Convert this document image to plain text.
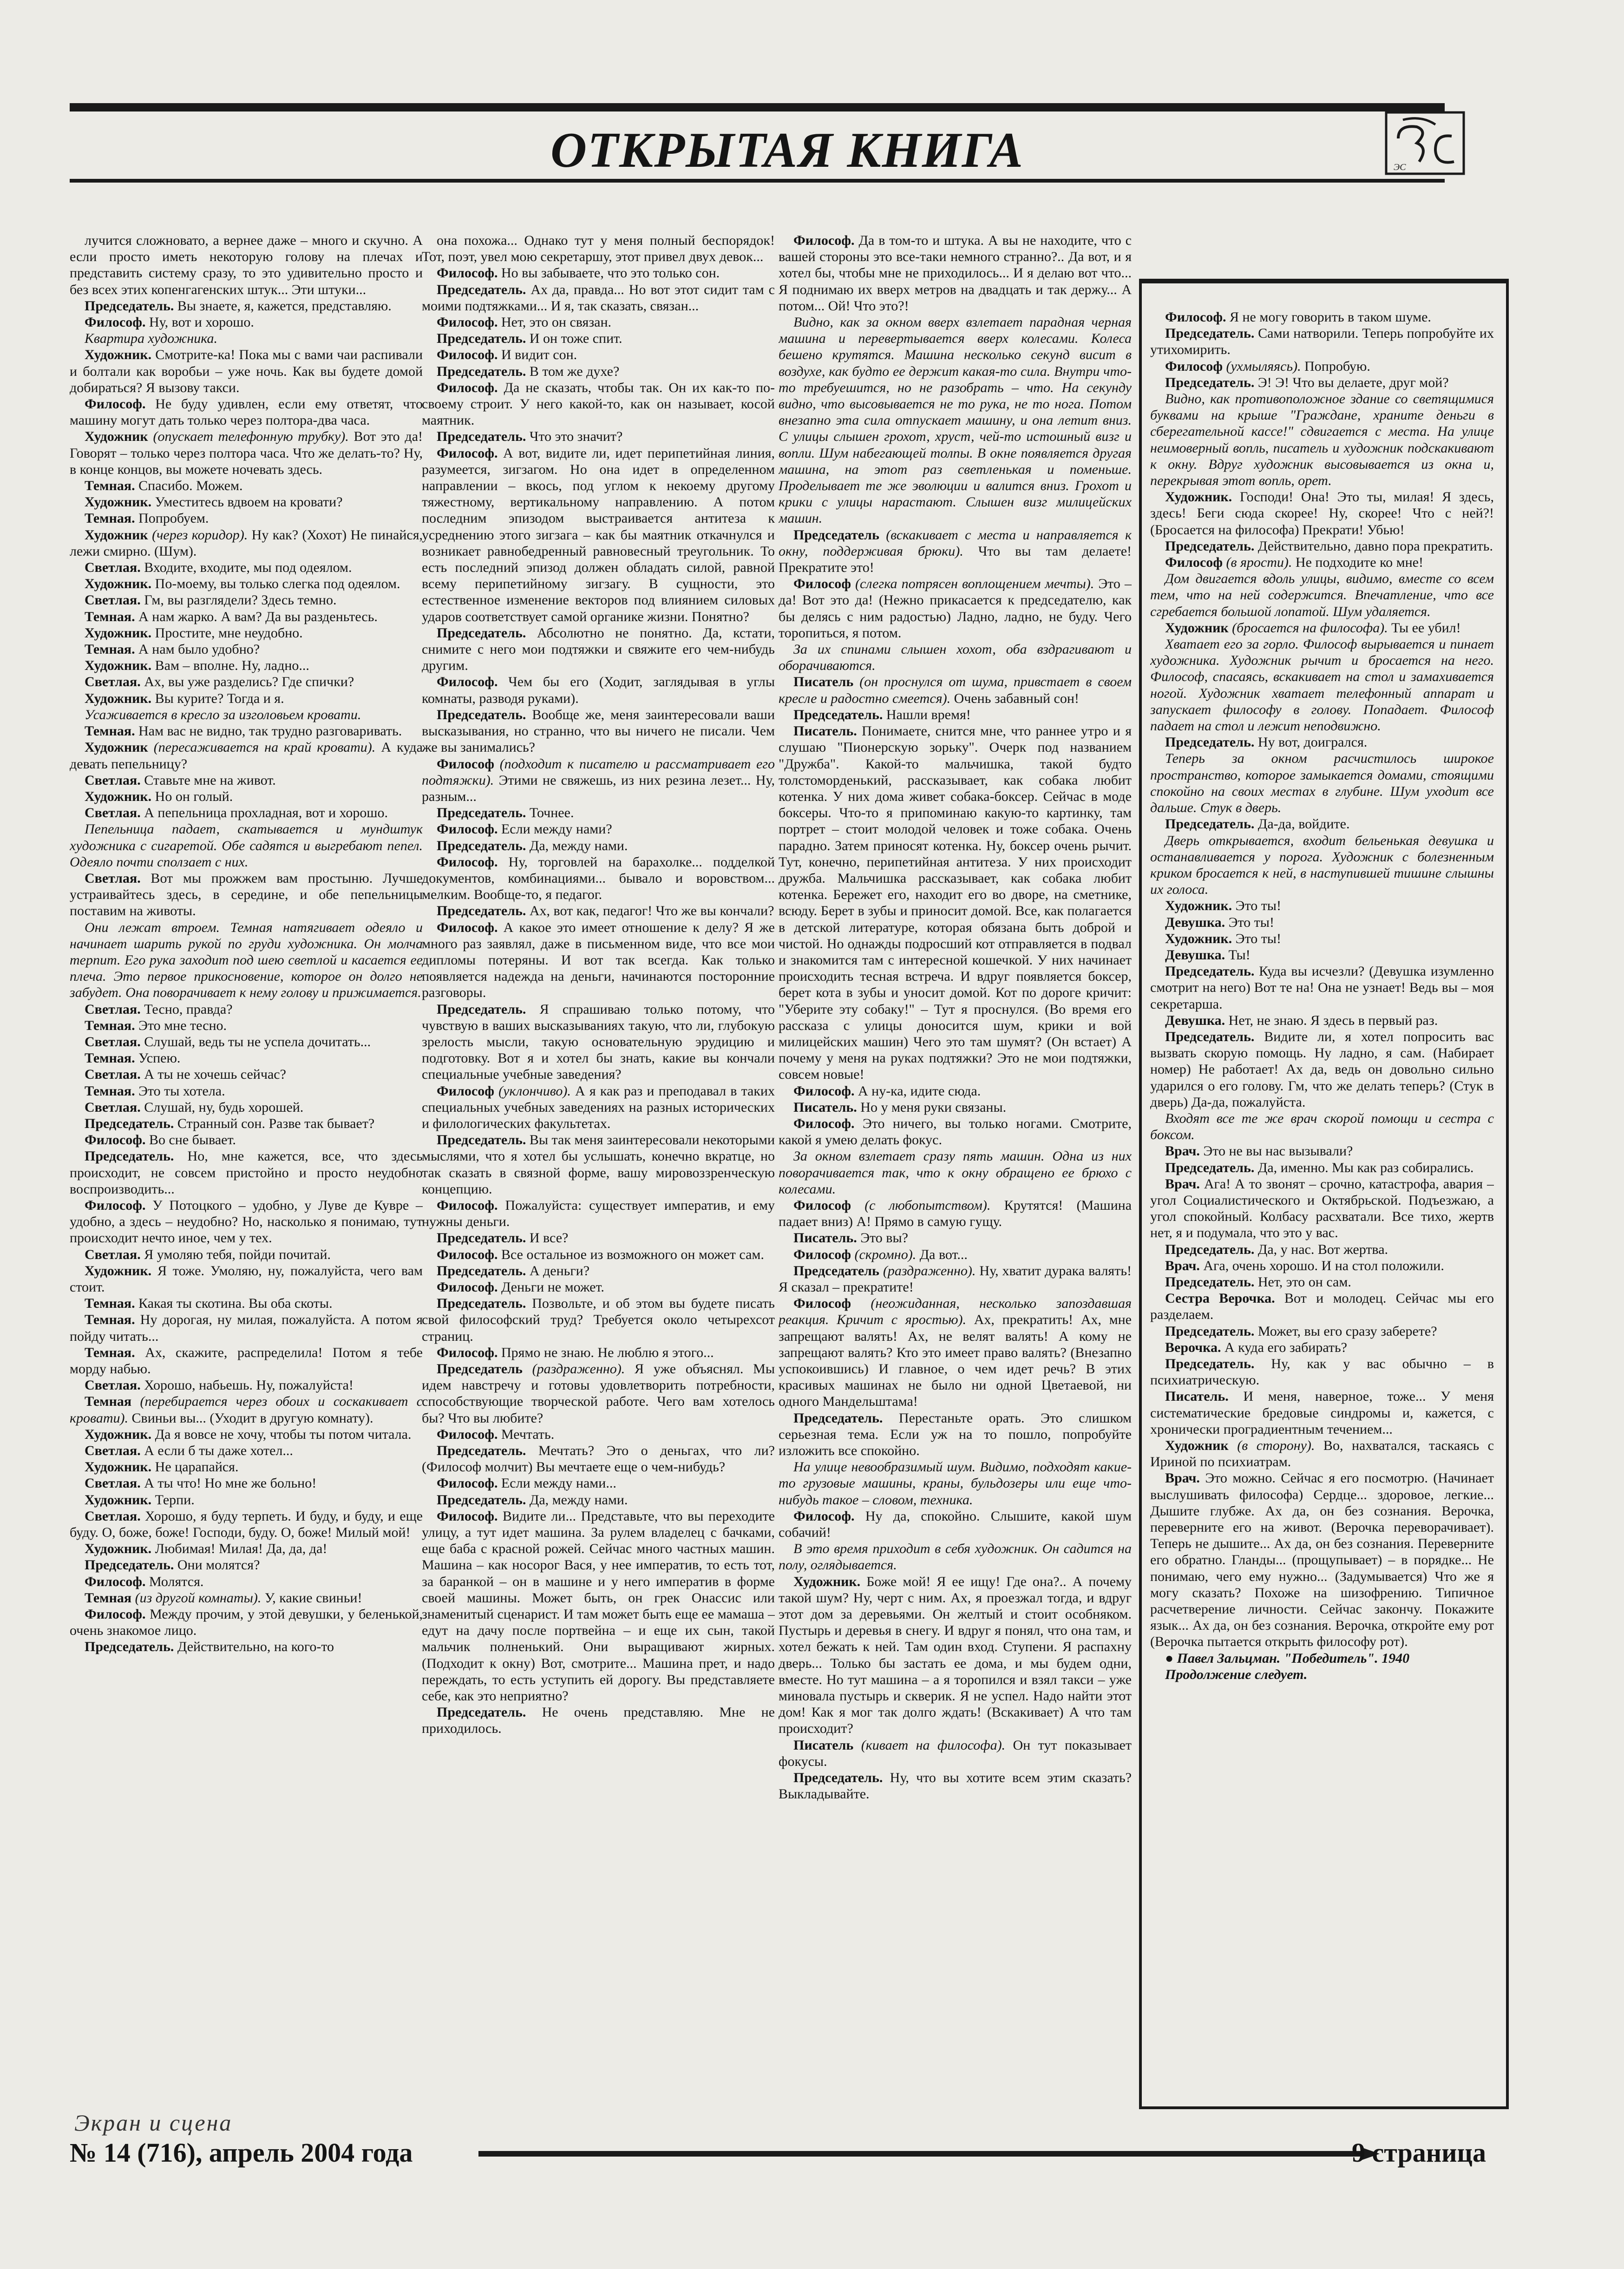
ОТКРЫТАЯ КНИГА	ЭС

лучится сложновато, а вернее даже – много и скучно. А если просто иметь некоторую голову на плечах и представить систему сразу, то это удивительно просто и без всех этих копенгагенских штук... Эти штуки...

Председатель. Вы знаете, я, кажется, представляю.

Философ. Ну, вот и хорошо.

Квартира художника.

Художник. Смотрите-ка! Пока мы с вами чаи распивали и болтали как воробьи – уже ночь. Как вы будете домой добираться? Я вызову такси.

Философ. Не буду удивлен, если ему ответят, что машину могут дать только через полтора-два часа.

Художник (опускает телефонную трубку). Вот это да! Говорят – только через полтора часа. Что же делать-то? Ну, в конце концов, вы можете ночевать здесь.

Темная. Спасибо. Можем.

Художник. Уместитесь вдвоем на кровати?

Темная. Попробуем.

Художник (через коридор). Ну как? (Хохот) Не пинайся, лежи смирно. (Шум).

Светлая. Входите, входите, мы под одеялом.

Художник. По-моему, вы только слегка под одеялом.

Светлая. Гм, вы разглядели? Здесь темно.

Темная. А нам жарко. А вам? Да вы разденьтесь.

Художник. Простите, мне неудобно.

Темная. А нам было удобно?

Художник. Вам – вполне. Ну, ладно...

Светлая. Ах, вы уже разделись? Где спички?

Художник. Вы курите? Тогда и я.

Усаживается в кресло за изголовьем кровати.

Темная. Нам вас не видно, так трудно разговаривать.

Художник (пересаживается на край кровати). А куда девать пепельницу?

Светлая. Ставьте мне на живот.

Художник. Но он голый.

Светлая. А пепельница прохладная, вот и хорошо.

Пепельница падает, скатывается и мундштук художника с сигаретой. Обе садятся и выгребают пепел. Одеяло почти сползает с них.

Светлая. Вот мы прожжем вам простыню. Лучше устраивайтесь здесь, в середине, и обе пепельницы поставим на животы.

Они лежат втроем. Темная натягивает одеяло и начинает шарить рукой по груди художника. Он молча терпит. Его рука заходит под шею светлой и касается ее плеча. Это первое прикосновение, которое он долго не забудет. Она поворачивает к нему голову и прижимается.

Светлая. Тесно, правда?

Темная. Это мне тесно.

Светлая. Слушай, ведь ты не успела дочитать...

Темная. Успею.

Светлая. А ты не хочешь сейчас?

Темная. Это ты хотела.

Светлая. Слушай, ну, будь хорошей.

Председатель. Странный сон. Разве так бывает?

Философ. Во сне бывает.

Председатель. Но, мне кажется, все, что здесь происходит, не совсем пристойно и просто неудобно воспроизводить...

Философ. У Потоцкого – удобно, у Луве де Кувре – удобно, а здесь – неудобно? Но, насколько я понимаю, тут происходит нечто иное, чем у тех.

Светлая. Я умоляю тебя, пойди почитай.

Художник. Я тоже. Умоляю, ну, пожалуйста, чего вам стоит.

Темная. Какая ты скотина. Вы оба скоты.

Темная. Ну дорогая, ну милая, пожалуйста. А потом я пойду читать...

Темная. Ах, скажите, распределила! Потом я тебе морду набью.

Светлая. Хорошо, набьешь. Ну, пожалуйста!

Темная (перебирается через обоих и соскакивает с кровати). Свиньи вы... (Уходит в другую комнату).

Художник. Да я вовсе не хочу, чтобы ты потом читала.

Светлая. А если б ты даже хотел...

Художник. Не царапайся.

Светлая. А ты что! Но мне же больно!

Художник. Терпи.

Светлая. Хорошо, я буду терпеть. И буду, и буду, и еще буду. О, боже, боже! Господи, буду. О, боже! Милый мой!

Художник. Любимая! Милая! Да, да, да!

Председатель. Они молятся?

Философ. Молятся.

Темная (из другой комнаты). У, какие свиньи!

Философ. Между прочим, у этой девушки, у беленькой, очень знакомое лицо.

Председатель. Действительно, на кого-то

она похожа... Однако тут у меня полный беспорядок! Тот, поэт, увел мою секретаршу, этот привел двух девок...

Философ. Но вы забываете, что это только сон.

Председатель. Ах да, правда... Но вот этот сидит там с моими подтяжками... И я, так сказать, связан...

Философ. Нет, это он связан.

Председатель. И он тоже спит.

Философ. И видит сон.

Председатель. В том же духе?

Философ. Да не сказать, чтобы так. Он их как-то по-своему строит. У него какой-то, как он называет, косой маятник.

Председатель. Что это значит?

Философ. А вот, видите ли, идет перипетийная линия, разумеется, зигзагом. Но она идет в определенном направлении – вкось, под углом к некоему другому тяжестному, вертикальному направлению. А потом последним эпизодом выстраивается антитеза к усреднению этого зигзага – как бы маятник откачнулся и возникает равнобедренный равновесный треугольник. То есть последний эпизод должен обладать силой, равной всему перипетийному зигзагу. В сущности, это естественное изменение векторов под влиянием силовых ударов соответствует самой органике жизни. Понятно?

Председатель. Абсолютно не понятно. Да, кстати, снимите с него мои подтяжки и свяжите его чем-нибудь другим.

Философ. Чем бы его (Ходит, заглядывая в углы комнаты, разводя руками).

Председатель. Вообще же, меня заинтересовали ваши высказывания, но странно, что вы ничего не писали. Чем же вы занимались?

Философ (подходит к писателю и рассматривает его подтяжки). Этими не свяжешь, из них резина лезет... Ну, разным...

Председатель. Точнее.

Философ. Если между нами?

Председатель. Да, между нами.

Философ. Ну, торговлей на барахолке... подделкой документов, комбинациями... бывало и воровством... мелким. Вообще-то, я педагог.

Председатель. Ах, вот как, педагог! Что же вы кончали?

Философ. А какое это имеет отношение к делу? Я же много раз заявлял, даже в письменном виде, что все мои дипломы потеряны. И вот так всегда. Как только появляется надежда на деньги, начинаются посторонние разговоры.

Председатель. Я спрашиваю только потому, что чувствую в ваших высказываниях такую, что ли, глубокую зрелость мысли, такую основательную эрудицию и подготовку. Вот я и хотел бы знать, какие вы кончали специальные учебные заведения?

Философ (уклончиво). А я как раз и преподавал в таких специальных учебных заведениях на разных исторических и филологических факультетах.

Председатель. Вы так меня заинтересовали некоторыми мыслями, что я хотел бы услышать, конечно вкратце, но так сказать в связной форме, вашу мировоззренческую концепцию.

Философ. Пожалуйста: существует императив, и ему нужны деньги.

Председатель. И все?

Философ. Все остальное из возможного он может сам.

Председатель. А деньги?

Философ. Деньги не может.

Председатель. Позвольте, и об этом вы будете писать свой философский труд? Требуется около четырехсот страниц.

Философ. Прямо не знаю. Не люблю я этого...

Председатель (раздраженно). Я уже объяснял. Мы идем навстречу и готовы удовлетворить потребности, способствующие творческой работе. Чего вам хотелось бы? Что вы любите?

Философ. Мечтать.

Председатель. Мечтать? Это о деньгах, что ли? (Философ молчит) Вы мечтаете еще о чем-нибудь?

Философ. Если между нами...

Председатель. Да, между нами.

Философ. Видите ли... Представьте, что вы переходите улицу, а тут идет машина. За рулем владелец с бачками, еще баба с красной рожей. Сейчас много частных машин. Машина – как носорог Вася, у нее императив, то есть тот, за баранкой – он в машине и у него императив в форме своей машины. Может быть, он грек Онассис или знаменитый сценарист. И там может быть еще ее мамаша – едут на дачу после портвейна – и еще их сын, такой мальчик полненький. Они выращивают жирных. (Подходит к окну) Вот, смотрите... Машина прет, и надо переждать, то есть уступить ей дорогу. Вы представляете себе, как это неприятно?

Председатель. Не очень представляю. Мне не приходилось.

Философ. Да в том-то и штука. А вы не находите, что с вашей стороны это все-таки немного странно?.. Да вот, и я хотел бы, чтобы мне не приходилось... И я делаю вот что... Я поднимаю их вверх метров на двадцать и так держу... А потом... Ой! Что это?!

Видно, как за окном вверх взлетает парадная черная машина и перевертывается вверх колесами. Колеса бешено крутятся. Машина несколько секунд висит в воздухе, как будто ее держит какая-то сила. Внутри что-то требуешится, но не разобрать – что. На секунду видно, что высовывается не то рука, не то нога. Потом внезапно эта сила отпускает машину, и она летит вниз. С улицы слышен грохот, хруст, чей-то истошный визг и вопли. Шум набегающей толпы. В окне появляется другая машина, на этот раз светленькая и поменьше. Проделывает те же эволюции и валится вниз. Грохот и крики с улицы нарастают. Слышен визг милицейских машин.

Председатель (вскакивает с места и направляется к окну, поддерживая брюки). Что вы там делаете! Прекратите это!

Философ (слегка потрясен воплощением мечты). Это – да! Вот это да! (Нежно прикасается к председателю, как бы делясь с ним радостью) Ладно, ладно, не буду. Чего торопиться, я потом.

За их спинами слышен хохот, оба вздрагивают и оборачиваются.

Писатель (он проснулся от шума, привстает в своем кресле и радостно смеется). Очень забавный сон!

Председатель. Нашли время!

Писатель. Понимаете, снится мне, что раннее утро и я слушаю "Пионерскую зорьку". Очерк под названием "Дружба". Какой-то мальчишка, такой будто толстоморденький, рассказывает, как собака любит котенка. У них дома живет собака-боксер. Сейчас в моде боксеры. Что-то я припоминаю какую-то картинку, там портрет – стоит молодой человек и тоже собака. Очень парадно. Затем приносят котенка. Ну, боксер очень рычит. Тут, конечно, перипетийная антитеза. У них происходит дружба. Мальчишка рассказывает, как собака любит котенка. Бережет его, находит его во дворе, на сметнике, всюду. Берет в зубы и приносит домой. Все, как полагается в детской литературе, которая обязана быть доброй и чистой. Но однажды подросший кот отправляется в подвал и знакомится там с интересной кошечкой. У них начинает происходить тесная встреча. И вдруг появляется боксер, берет кота в зубы и уносит домой. Кот по дороге кричит: "Уберите эту собаку!" – Тут я проснулся. (Во время его рассказа с улицы доносится шум, крики и вой милицейских машин) Чего это там шумят? (Он встает) А почему у меня на руках подтяжки? Это не мои подтяжки, совсем новые!

Философ. А ну-ка, идите сюда.

Писатель. Но у меня руки связаны.

Философ. Это ничего, вы только ногами. Смотрите, какой я умею делать фокус.

За окном взлетает сразу пять машин. Одна из них поворачивается так, что к окну обращено ее брюхо с колесами.

Философ (с любопытством). Крутятся! (Машина падает вниз) А! Прямо в самую гущу.

Писатель. Это вы?

Философ (скромно). Да вот...

Председатель (раздраженно). Ну, хватит дурака валять! Я сказал – прекратите!

Философ (неожиданная, несколько запоздавшая реакция. Кричит с яростью). Ах, прекратить! Ах, мне запрещают валять! Ах, не велят валять! А кому не запрещают валять? Кто это имеет право валять? (Внезапно успокоившись) И главное, о чем идет речь? В этих красивых машинах не было ни одной Цветаевой, ни одного Мандельштама!

Председатель. Перестаньте орать. Это слишком серьезная тема. Если уж на то пошло, попробуйте изложить все спокойно.

На улице невообразимый шум. Видимо, подходят какие-то грузовые машины, краны, бульдозеры или еще что-нибудь такое – словом, техника.

Философ. Ну да, спокойно. Слышите, какой шум собачий!

В это время приходит в себя художник. Он садится на полу, оглядывается.

Художник. Боже мой! Я ее ищу! Где она?.. А почему такой шум? Ну, черт с ним. Ах, я проезжал тогда, и вдруг этот дом за деревьями. Он желтый и стоит особняком. Пустырь и деревья в снегу. И вдруг я понял, что она там, и хотел бежать к ней. Там один вход. Ступени. Я распахну дверь... Только бы застать ее дома, и мы будем одни, вместе. Но тут машина – а я торопился и взял такси – уже миновала пустырь и скверик. Я не успел. Надо найти этот дом! Как я мог так долго ждать! (Вскакивает) А что там происходит?

Писатель (кивает на философа). Он тут показывает фокусы.

Председатель. Ну, что вы хотите всем этим сказать? Выкладывайте.

Философ. Я не могу говорить в таком шуме.

Председатель. Сами натворили. Теперь попробуйте их утихомирить.

Философ (ухмыляясь). Попробую.

Председатель. Э! Э! Что вы делаете, друг мой?

Видно, как противоположное здание со светящимися буквами на крыше "Граждане, храните деньги в сберегательной кассе!" сдвигается с места. На улице неимоверный вопль, писатель и художник подскакивают к окну. Вдруг художник высовывается из окна и, перекрывая этот вопль, орет.

Художник. Господи! Она! Это ты, милая! Я здесь, здесь! Беги сюда скорее! Ну, скорее! Что с ней?! (Бросается на философа) Прекрати! Убью!

Председатель. Действительно, давно пора прекратить.

Философ (в ярости). Не подходите ко мне!

Дом двигается вдоль улицы, видимо, вместе со всем тем, что на ней содержится. Впечатление, что все сгребается большой лопатой. Шум удаляется.

Художник (бросается на философа). Ты ее убил!

Хватает его за горло. Философ вырывается и пинает художника. Художник рычит и бросается на него. Философ, спасаясь, вскакивает на стол и замахивается ногой. Художник хватает телефонный аппарат и запускает философу в голову. Попадает. Философ падает на стол и лежит неподвижно.

Председатель. Ну вот, доигрался.

Теперь за окном расчистилось широкое пространство, которое замыкается домами, стоящими спокойно на своих местах в глубине. Шум уходит все дальше. Стук в дверь.

Председатель. Да-да, войдите.

Дверь открывается, входит бельенькая девушка и останавливается у порога. Художник с болезненным криком бросается к ней, в наступившей тишине слышны их голоса.

Художник. Это ты!

Девушка. Это ты!

Художник. Это ты!

Девушка. Ты!

Председатель. Куда вы исчезли? (Девушка изумленно смотрит на него) Вот те на! Она не узнает! Ведь вы – моя секретарша.

Девушка. Нет, не знаю. Я здесь в первый раз.

Председатель. Видите ли, я хотел попросить вас вызвать скорую помощь. Ну ладно, я сам. (Набирает номер) Не работает! Ах да, ведь он довольно сильно ударился о его голову. Гм, что же делать теперь? (Стук в дверь) Да-да, пожалуйста.

Входят все те же врач скорой помощи и сестра с боксом.

Врач. Это не вы нас вызывали?

Председатель. Да, именно. Мы как раз собирались.

Врач. Ага! А то звонят – срочно, катастрофа, авария – угол Социалистического и Октябрьской. Подъезжаю, а угол спокойный. Колбасу расхватали. Все тихо, жертв нет, я и подумала, что это у вас.

Председатель. Да, у нас. Вот жертва.

Врач. Ага, очень хорошо. И на стол положили.

Председатель. Нет, это он сам.

Сестра Верочка. Вот и молодец. Сейчас мы его разделаем.

Председатель. Может, вы его сразу заберете?

Верочка. А куда его забирать?

Председатель. Ну, как у вас обычно – в психиатрическую.

Писатель. И меня, наверное, тоже... У меня систематические бредовые синдромы и, кажется, с хронически проградиентным течением...

Художник (в сторону). Во, нахватался, таскаясь с Ириной по психиатрам.

Врач. Это можно. Сейчас я его посмотрю. (Начинает выслушивать философа) Сердце... здоровое, легкие... Дышите глубже. Ах да, он без сознания. Верочка, переверните его на живот. (Верочка переворачивает). Теперь не дышите... Ах да, он без сознания. Переверните его обратно. Гланды... (прощупывает) – в порядке... Не понимаю, чего ему нужно... (Задумывается) Что же я могу сказать? Похоже на шизофрению. Типичное расчетверение личности. Сейчас закончу. Покажите язык... Ах да, он без сознания. Верочка, откройте ему рот (Верочка пытается открыть философу рот).

● Павел Зальцман. "Победитель". 1940

Продолжение следует.

Экран и сцена
№ 14 (716), апрель 2004 года	9 страница
